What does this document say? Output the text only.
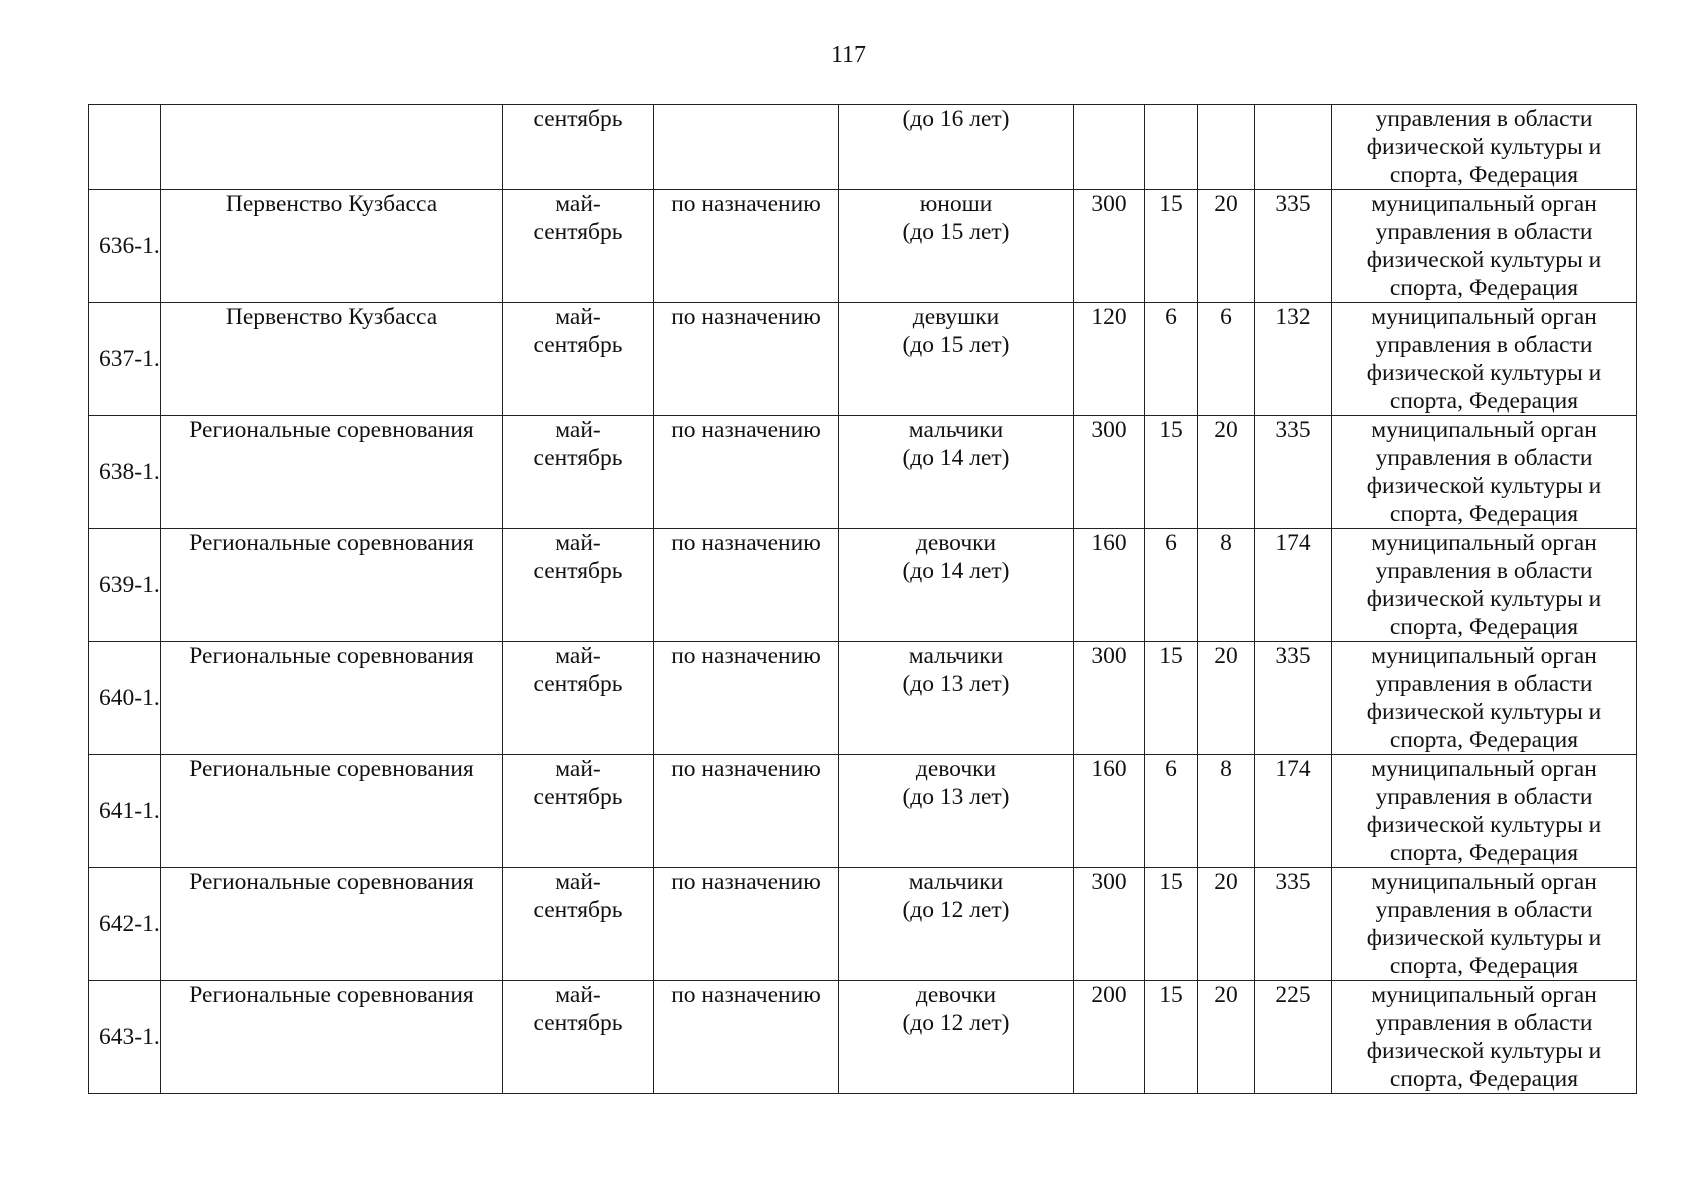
117

		сентябрь		(до 16 лет)					управления в области
физической культуры и
спорта, Федерация

636-1.	Первенство Кузбасса	май-
сентябрь	по назначению	юноши
(до 15 лет)	300	15	20	335	муниципальный орган
управления в области
физической культуры и
спорта, Федерация

637-1.	Первенство Кузбасса	май-
сентябрь	по назначению	девушки
(до 15 лет)	120	6	6	132	муниципальный орган
управления в области
физической культуры и
спорта, Федерация

638-1.	Региональные соревнования	май-
сентябрь	по назначению	мальчики
(до 14 лет)	300	15	20	335	муниципальный орган
управления в области
физической культуры и
спорта, Федерация

639-1.	Региональные соревнования	май-
сентябрь	по назначению	девочки
(до 14 лет)	160	6	8	174	муниципальный орган
управления в области
физической культуры и
спорта, Федерация

640-1.	Региональные соревнования	май-
сентябрь	по назначению	мальчики
(до 13 лет)	300	15	20	335	муниципальный орган
управления в области
физической культуры и
спорта, Федерация

641-1.	Региональные соревнования	май-
сентябрь	по назначению	девочки
(до 13 лет)	160	6	8	174	муниципальный орган
управления в области
физической культуры и
спорта, Федерация

642-1.	Региональные соревнования	май-
сентябрь	по назначению	мальчики
(до 12 лет)	300	15	20	335	муниципальный орган
управления в области
физической культуры и
спорта, Федерация

643-1.	Региональные соревнования	май-
сентябрь	по назначению	девочки
(до 12 лет)	200	15	20	225	муниципальный орган
управления в области
физической культуры и
спорта, Федерация
